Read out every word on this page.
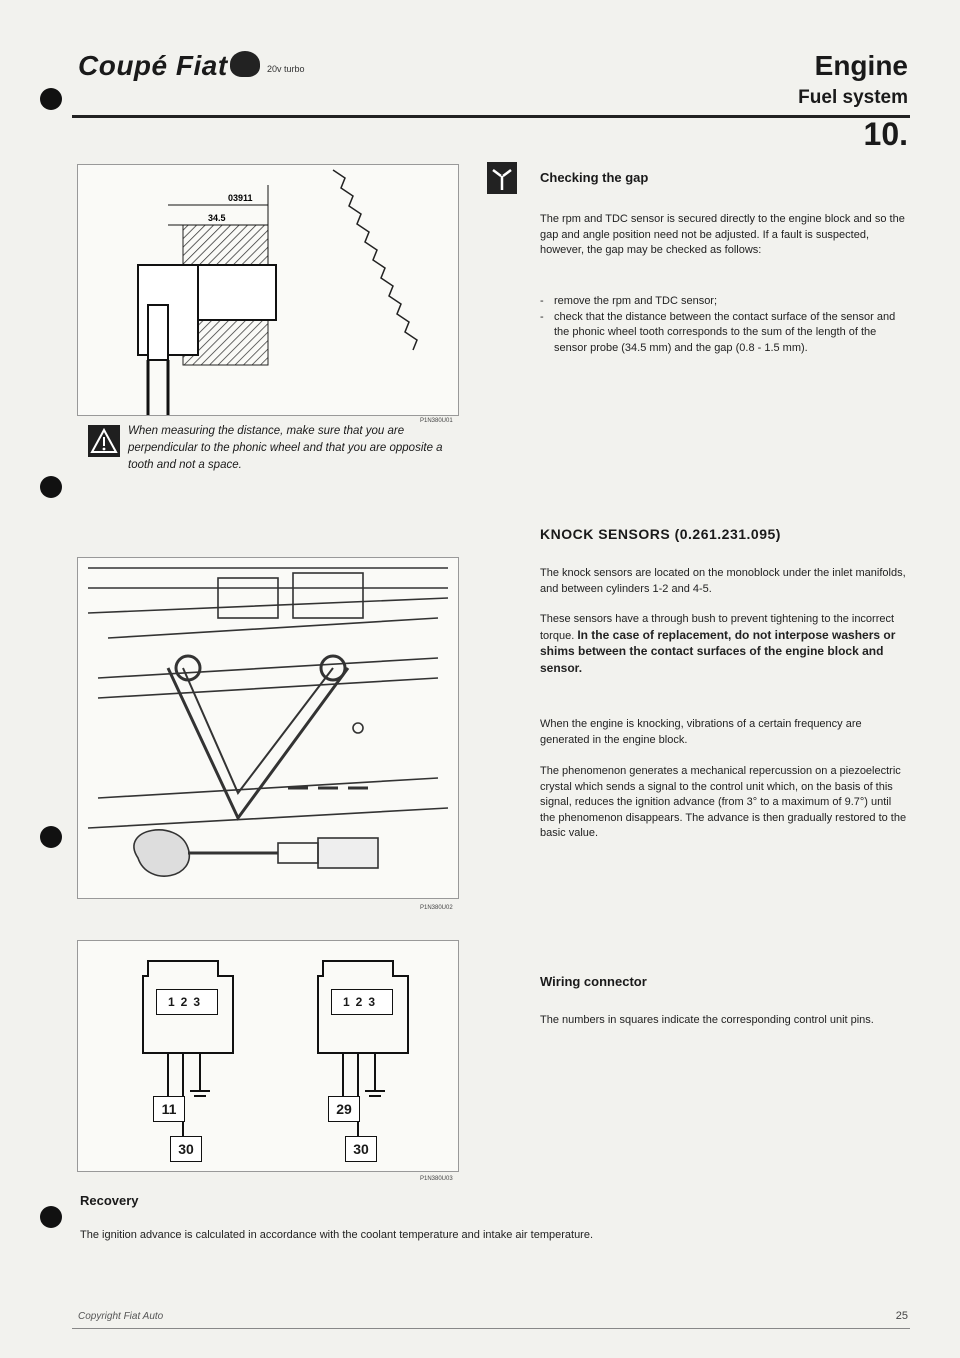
Coupé Fiat	20v turbo	Engine
Fuel system
10.
03911
34.5
P1N380U01
When measuring the distance, make sure that you are perpendicular to the phonic wheel and that you are opposite a tooth and not a space.
P1N380U02
123	123
11
30
29
30
P1N380U03
Checking the gap
The rpm and TDC sensor is secured directly to the engine block and so the gap and angle position need not be adjusted. If a fault is suspected, however, the gap may be checked as follows:
- remove the rpm and TDC sensor;
- check that the distance between the contact surface of the sensor and the phonic wheel tooth corresponds to the sum of the length of the sensor probe (34.5 mm) and the gap (0.8 - 1.5 mm).
KNOCK SENSORS (0.261.231.095)
The knock sensors are located on the monoblock under the inlet manifolds, and between cylinders 1-2 and 4-5.
These sensors have a through bush to prevent tightening to the incorrect torque. In the case of replacement, do not interpose washers or shims between the contact surfaces of the engine block and sensor.
When the engine is knocking, vibrations of a certain frequency are generated in the engine block.
The phenomenon generates a mechanical repercussion on a piezoelectric crystal which sends a signal to the control unit which, on the basis of this signal, reduces the ignition advance (from 3° to a maximum of 9.7°) until the phenomenon disappears. The advance is then gradually restored to the basic value.
Wiring connector
The numbers in squares indicate the corresponding control unit pins.
Recovery
The ignition advance is calculated in accordance with the coolant temperature and intake air temperature.
Copyright Fiat Auto	25
